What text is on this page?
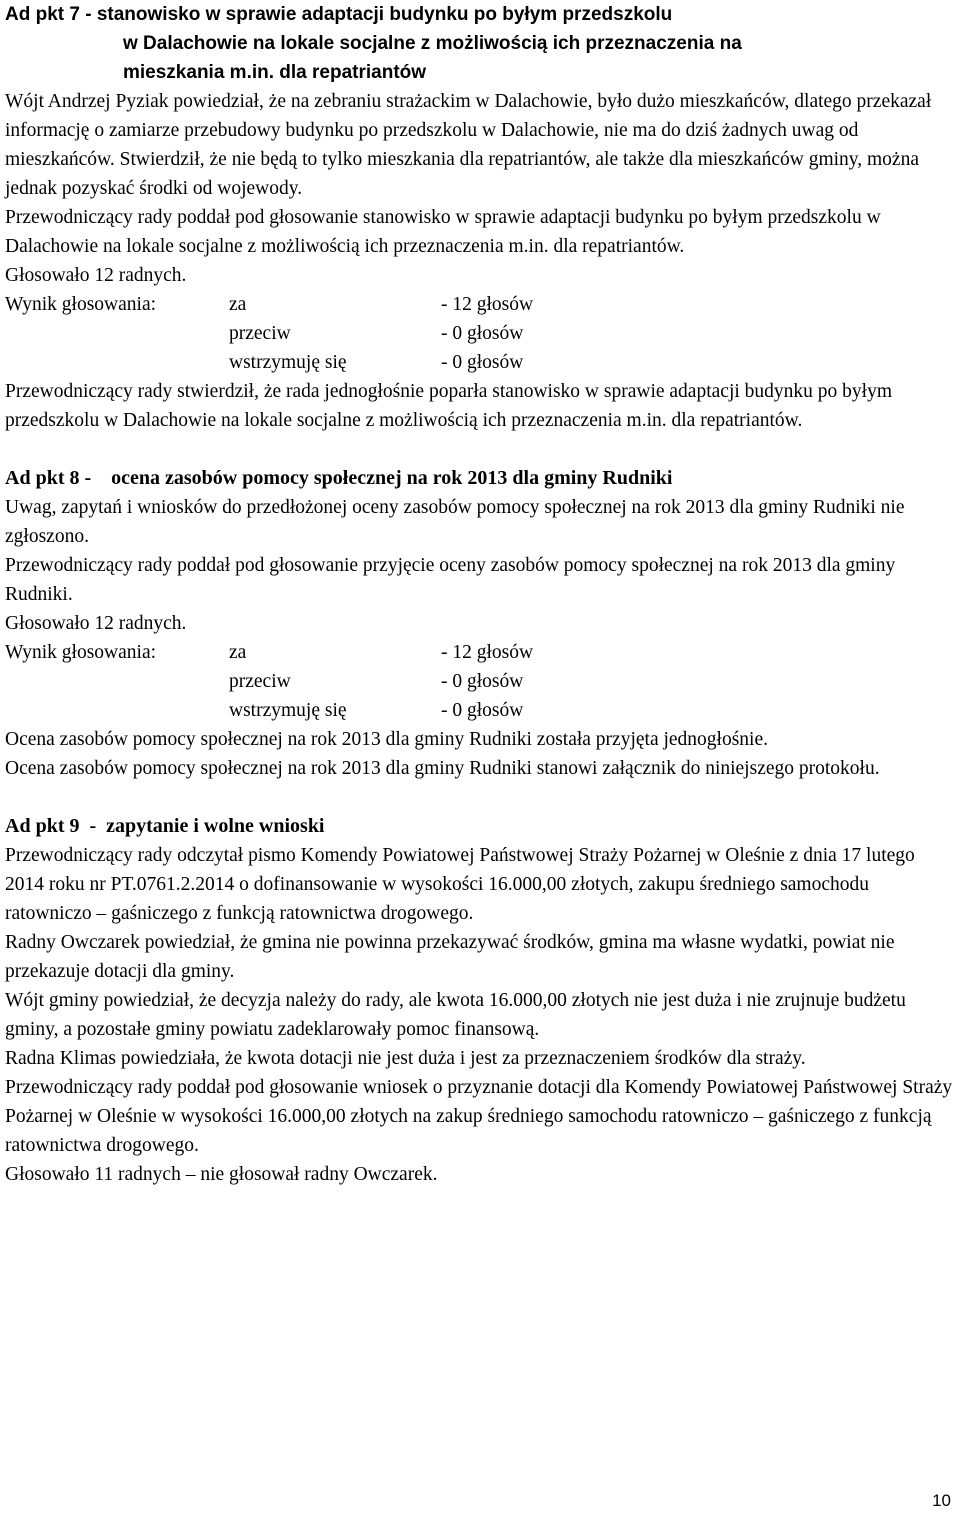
Ad pkt 7 - stanowisko w sprawie adaptacji budynku po byłym przedszkolu
w Dalachowie na lokale socjalne z możliwością ich przeznaczenia na
mieszkania m.in. dla repatriantów

Wójt Andrzej Pyziak powiedział, że na zebraniu strażackim w Dalachowie, było dużo mieszkańców, dlatego przekazał informację o zamiarze przebudowy budynku po przedszkolu w Dalachowie, nie ma do dziś żadnych uwag od mieszkańców. Stwierdził, że nie będą to tylko mieszkania dla repatriantów, ale także dla mieszkańców gminy, można jednak pozyskać środki od wojewody.

Przewodniczący rady poddał pod głosowanie stanowisko w sprawie adaptacji budynku po byłym przedszkolu w Dalachowie na lokale socjalne z możliwością ich przeznaczenia m.in. dla repatriantów.

Głosowało 12 radnych.

Wynik głosowania:	za	- 12 głosów
przeciw	- 0 głosów
wstrzymuję się	- 0 głosów

Przewodniczący rady stwierdził, że rada jednogłośnie poparła stanowisko w sprawie adaptacji budynku po byłym przedszkolu w Dalachowie na lokale socjalne z możliwością ich przeznaczenia m.in. dla repatriantów.

Ad pkt 8 -    ocena zasobów pomocy społecznej na rok 2013 dla gminy Rudniki

Uwag, zapytań i wniosków do przedłożonej oceny zasobów pomocy społecznej na rok 2013 dla gminy Rudniki nie zgłoszono.

Przewodniczący rady poddał pod głosowanie przyjęcie oceny zasobów pomocy społecznej na rok 2013 dla gminy Rudniki.

Głosowało 12 radnych.

Wynik głosowania:	za	- 12 głosów
przeciw	- 0 głosów
wstrzymuję się	- 0 głosów

Ocena zasobów pomocy społecznej na rok 2013 dla gminy Rudniki została przyjęta jednogłośnie.

Ocena zasobów pomocy społecznej na rok 2013 dla gminy Rudniki stanowi załącznik do niniejszego protokołu.

Ad pkt 9  -  zapytanie i wolne wnioski

Przewodniczący rady odczytał pismo Komendy Powiatowej Państwowej Straży Pożarnej w Oleśnie z dnia 17 lutego 2014 roku nr PT.0761.2.2014 o dofinansowanie w wysokości 16.000,00 złotych, zakupu średniego samochodu ratowniczo – gaśniczego z funkcją ratownictwa drogowego.

Radny Owczarek powiedział, że gmina nie powinna przekazywać środków, gmina ma własne wydatki, powiat nie przekazuje dotacji dla gminy.

Wójt gminy powiedział, że decyzja należy do rady, ale kwota 16.000,00 złotych nie jest duża i nie zrujnuje budżetu gminy, a pozostałe gminy powiatu zadeklarowały pomoc finansową.

Radna Klimas powiedziała, że kwota dotacji nie jest duża i jest za przeznaczeniem środków dla straży.

Przewodniczący rady poddał pod głosowanie wniosek o przyznanie dotacji dla Komendy Powiatowej Państwowej Straży Pożarnej w Oleśnie w wysokości 16.000,00 złotych na zakup średniego samochodu ratowniczo – gaśniczego z funkcją ratownictwa drogowego.

Głosowało 11 radnych – nie głosował radny Owczarek.

10
